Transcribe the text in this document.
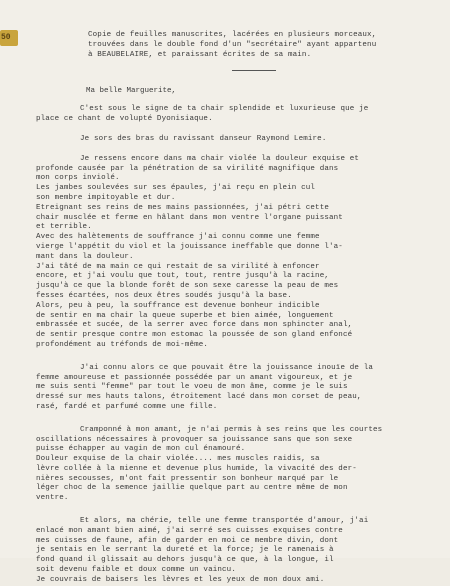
50	Copie de feuilles manuscrites, lacérées en plusieurs morceaux,
trouvées dans le double fond d'un "secrétaire" ayant appartenu
à BEAUBELAIRE, et paraissant écrites de sa main.
Ma belle Marguerite,
C'est sous le signe de ta chair splendide et luxurieuse que je
place ce chant de volupté Dyonisiaque.
Je sors des bras du ravissant danseur Raymond Lemire.
Je ressens encore dans ma chair violée la douleur exquise et
profonde causée par la pénétration de sa virilité magnifique dans
mon corps inviolé.
Les jambes soulevées sur ses épaules, j'ai reçu en plein cul
son membre impitoyable et dur.
Etreignant ses reins de mes mains passionnées, j'ai pétri cette
chair musclée et ferme en hâlant dans mon ventre l'organe puissant
et terrible.
Avec des halètements de souffrance j'ai connu comme une femme
vierge l'appétit du viol et la jouissance ineffable que donne l'a-
mant dans la douleur.
J'ai tâté de ma main ce qui restait de sa virilité à enfoncer
encore, et j'ai voulu que tout, tout, rentre jusqu'à la racine,
jusqu'à ce que la blonde forêt de son sexe caresse la peau de mes
fesses écartées, nos deux êtres soudés jusqu'à la base.
Alors, peu à peu, la souffrance est devenue bonheur indicible
de sentir en ma chair la queue superbe et bien aimée, longuement
embrassée et sucée, de la serrer avec force dans mon sphincter anal,
de sentir presque contre mon estomac la poussée de son gland enfoncé
profondément au tréfonds de moi-même.
J'ai connu alors ce que pouvait être la jouissance inouïe de la
femme amoureuse et passionnée possédée par un amant vigoureux, et je
me suis senti "femme" par tout le voeu de mon âme, comme je le suis
dressé sur mes hauts talons, étroitement lacé dans mon corset de peau,
rasé, fardé et parfumé comme une fille.
Cramponné à mon amant, je n'ai permis à ses reins que les courtes
oscillations nécessaires à provoquer sa jouissance sans que son sexe
puisse échapper au vagin de mon cul énamouré.
Douleur exquise de la chair violée.... mes muscles raidis, sa
lèvre collée à la mienne et devenue plus humide, la vivacité des der-
nières secousses, m'ont fait pressentir son bonheur marqué par le
léger choc de la semence jaillie quelque part au centre même de mon
ventre.
Et alors, ma chérie, telle une femme transportée d'amour, j'ai
enlacé mon amant bien aimé, j'ai serré ses cuisses exquises contre
mes cuisses de faune, afin de garder en moi ce membre divin, dont
je sentais en le serrant la dureté et la force; je le ramenais à
fond quand il glissait au dehors jusqu'à ce que, à la longue, il
soit devenu faible et doux comme un vaincu.
Je couvrais de baisers les lèvres et les yeux de mon doux ami.
